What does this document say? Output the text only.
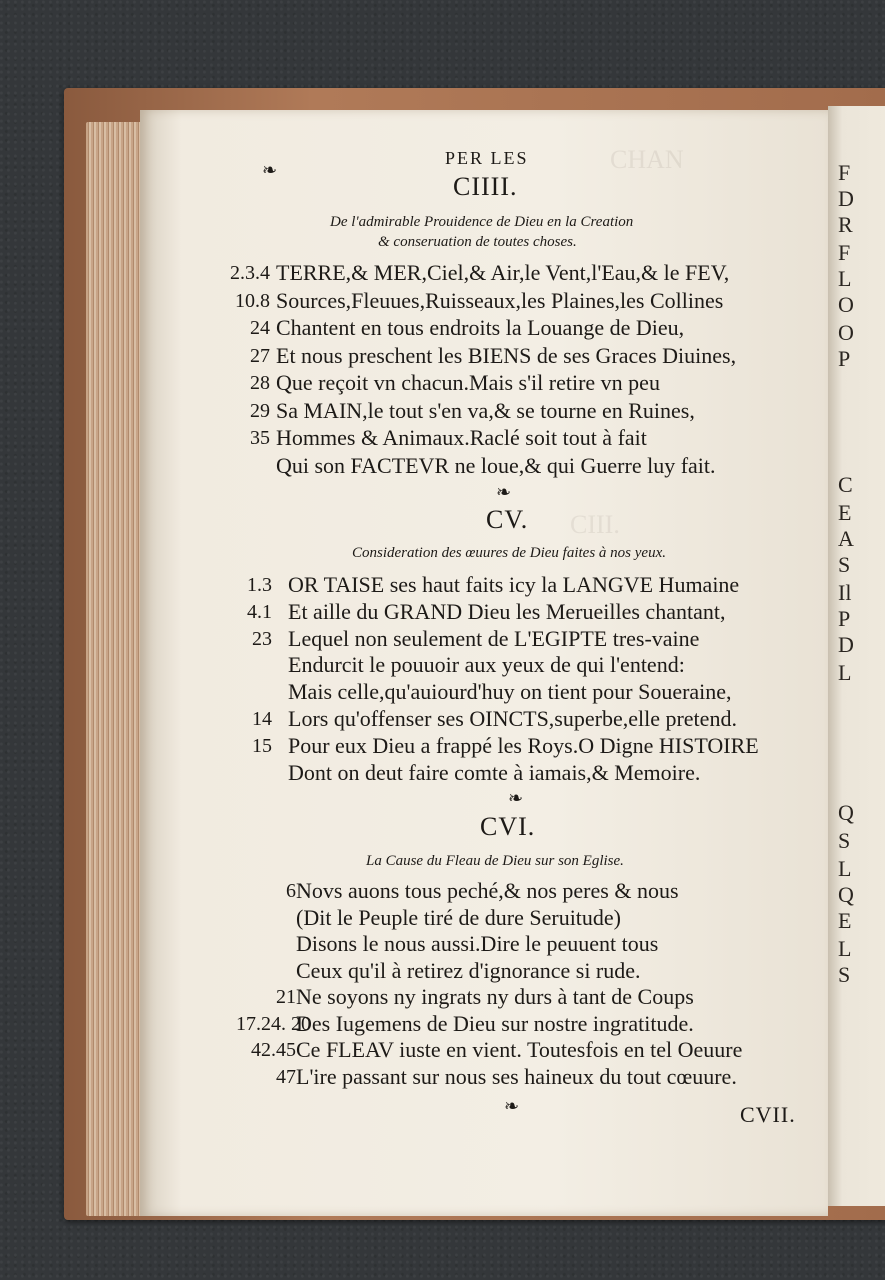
F
D
R
F
L
O
O
P
C
E
A
S
Il
P
D
L
Q
S
L
Q
E
L
S
CHAN
CIII.
❧
PER LES
CIIII.
De l'admirable Prouidence de Dieu en la Creation
& conseruation de toutes choses.
2.3.4 TERRE,& MER,Ciel,& Air,le Vent,l'Eau,& le FEV,
10.8 Sources,Fleuues,Ruisseaux,les Plaines,les Collines
24 Chantent en tous endroits la Louange de Dieu,
27 Et nous preschent les BIENS de ses Graces Diuines,
28 Que reçoit vn chacun.Mais s'il retire vn peu
29 Sa MAIN,le tout s'en va,& se tourne en Ruines,
35 Hommes & Animaux.Raclé soit tout à fait
Qui son FACTEVR ne loue,& qui Guerre luy fait.
❧
CV.
Consideration des œuures de Dieu faites à nos yeux.
1.3 OR TAISE ses haut faits icy la LANGVE Humaine
4.1 Et aille du GRAND Dieu les Merueilles chantant,
23 Lequel non seulement de L'EGIPTE tres-vaine
Endurcit le pouuoir aux yeux de qui l'entend:
Mais celle,qu'auiourd'huy on tient pour Soueraine,
14 Lors qu'offenser ses OINCTS,superbe,elle pretend.
15 Pour eux Dieu a frappé les Roys.O Digne HISTOIRE
Dont on deut faire comte à iamais,& Memoire.
❧
CVI.
La Cause du Fleau de Dieu sur son Eglise.
6 Novs auons tous peché,& nos peres & nous
(Dit le Peuple tiré de dure Seruitude)
Disons le nous aussi.Dire le peuuent tous
Ceux qu'il à retirez d'ignorance si rude.
21 Ne soyons ny ingrats ny durs à tant de Coups
17.24. 20
Des Iugemens de Dieu sur nostre ingratitude.
42.45 Ce FLEAV iuste en vient. Toutesfois en tel Oeuure
47 L'ire passant sur nous ses haineux du tout cœuure.
❧	CVII.
